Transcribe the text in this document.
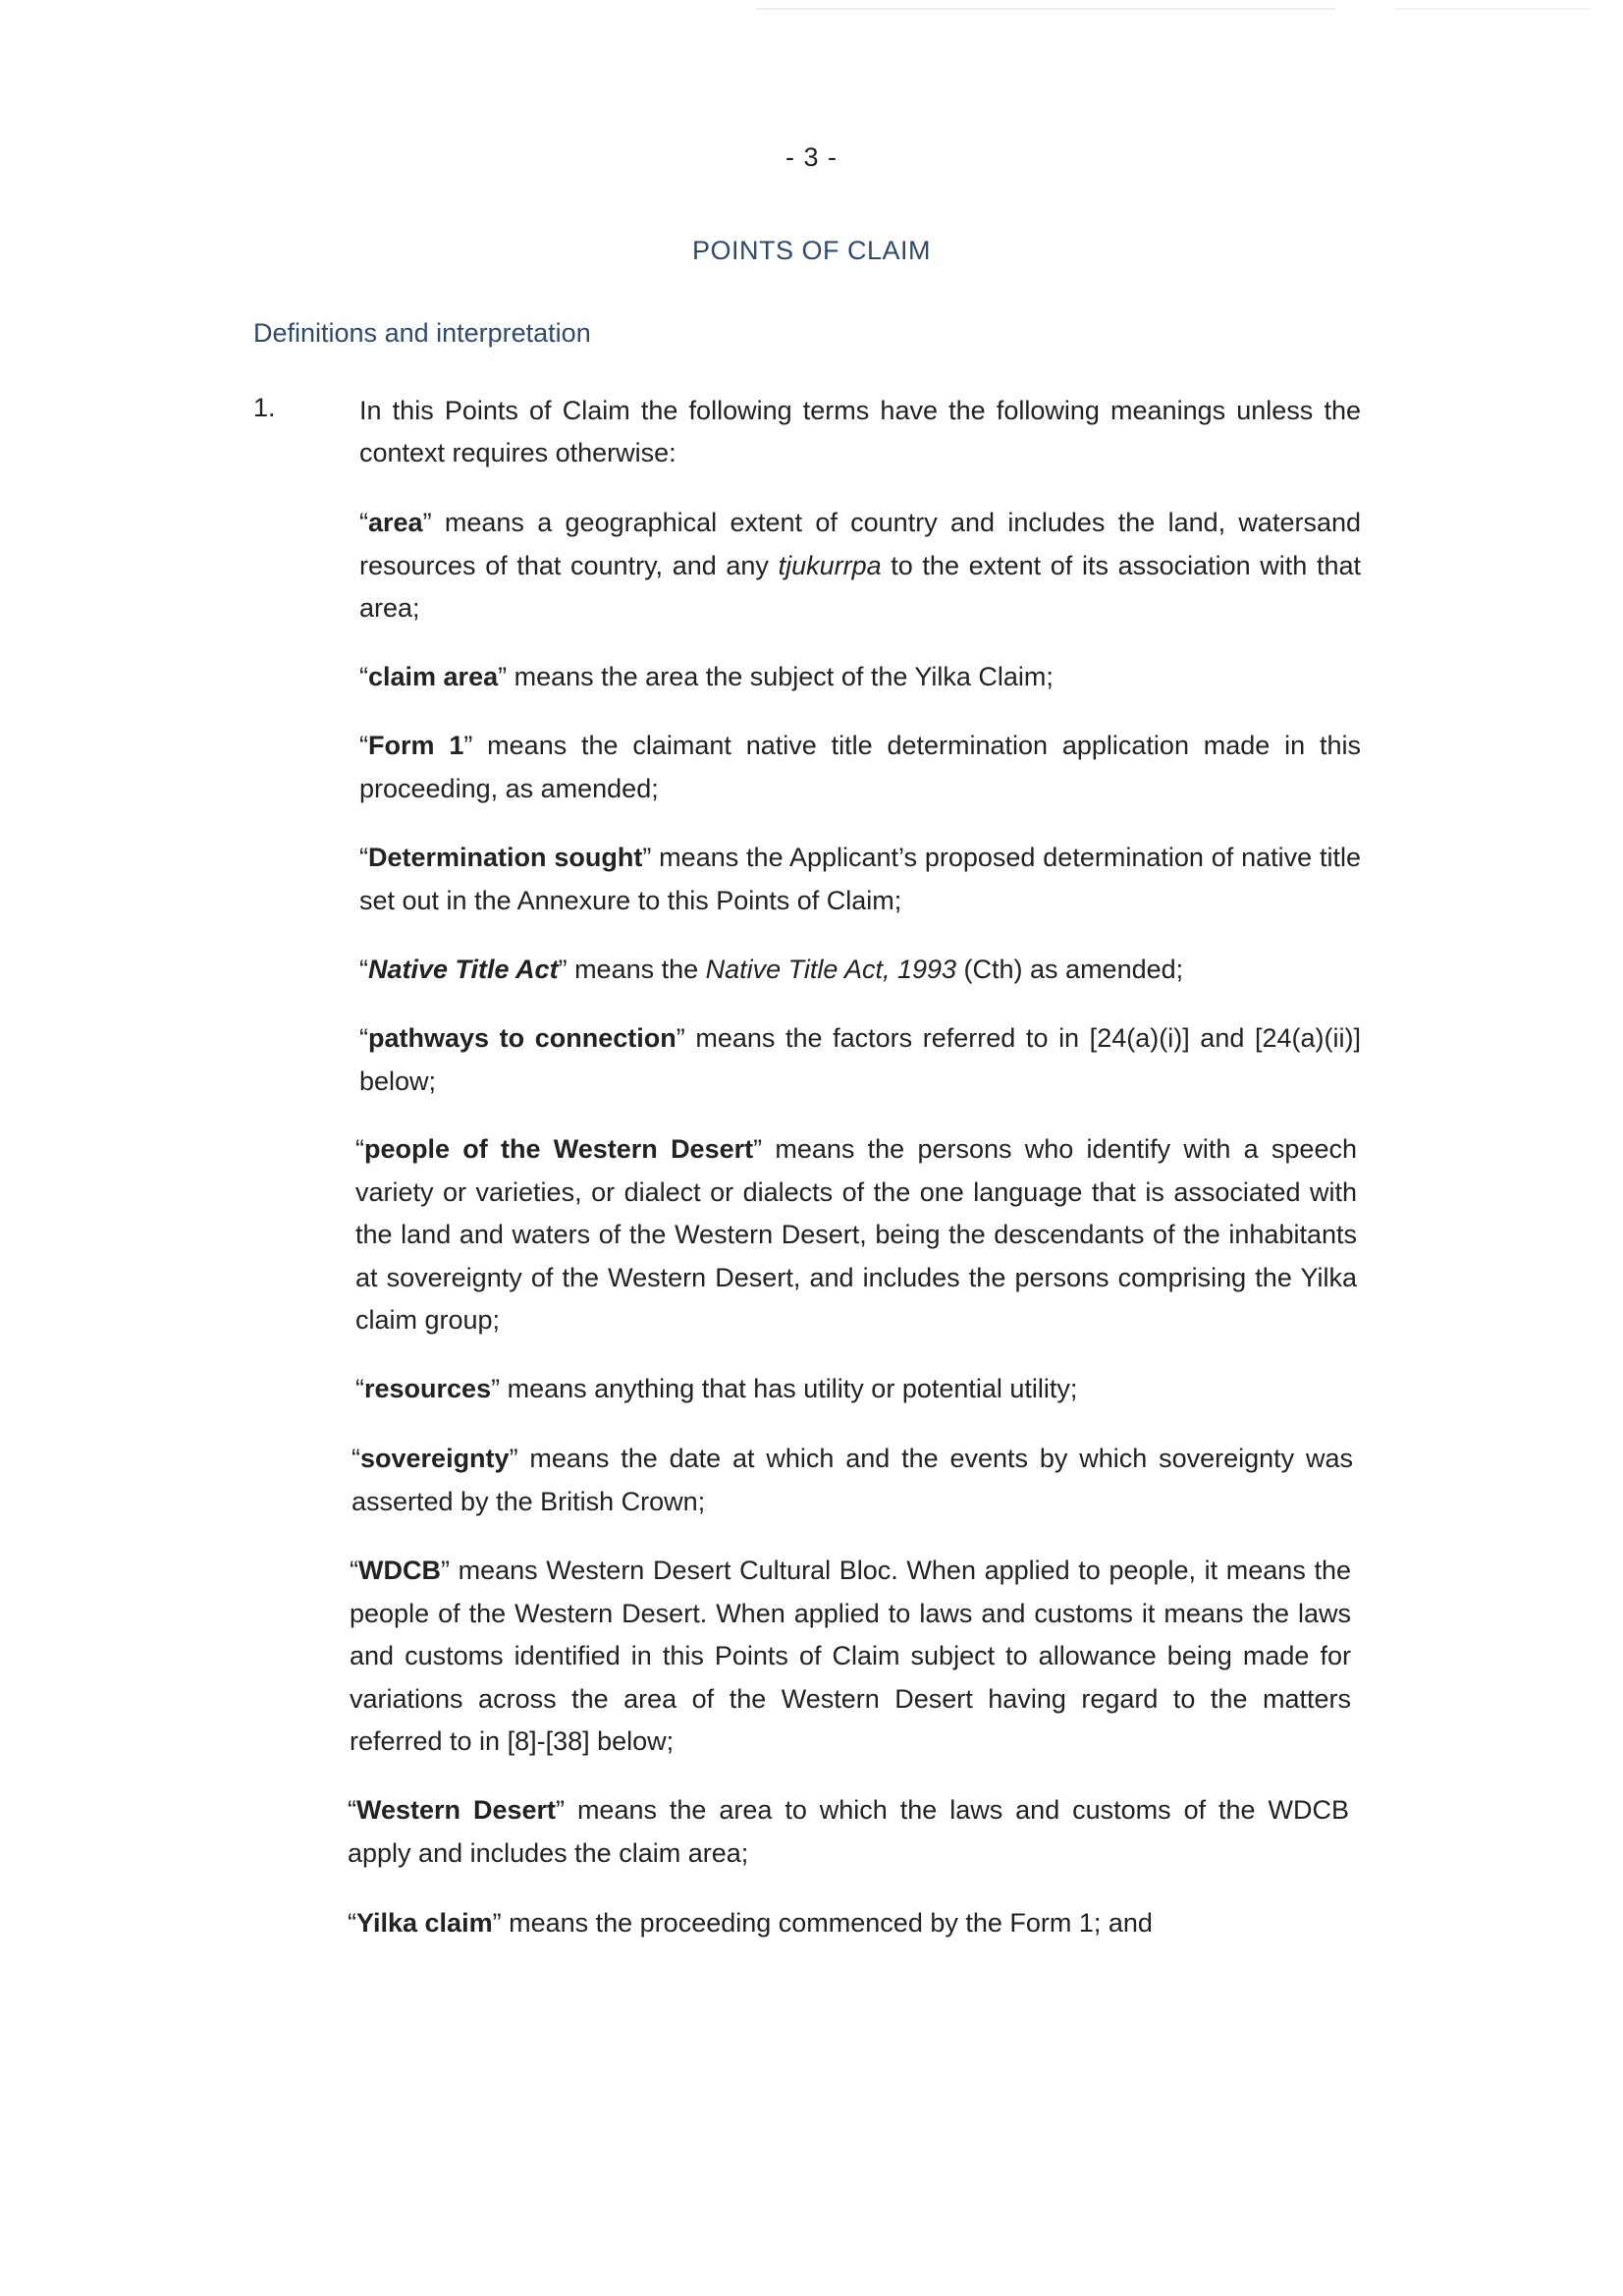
- 3 -
POINTS OF CLAIM
Definitions and interpretation
1.	In this Points of Claim the following terms have the following meanings unless the context requires otherwise:
“area” means a geographical extent of country and includes the land, watersand resources of that country, and any tjukurrpa to the extent of its association with that area;
“claim area” means the area the subject of the Yilka Claim;
“Form 1” means the claimant native title determination application made in this proceeding, as amended;
“Determination sought” means the Applicant’s proposed determination of native title set out in the Annexure to this Points of Claim;
“Native Title Act” means the Native Title Act, 1993 (Cth) as amended;
“pathways to connection” means the factors referred to in [24(a)(i)] and [24(a)(ii)] below;
“people of the Western Desert” means the persons who identify with a speech variety or varieties, or dialect or dialects of the one language that is associated with the land and waters of the Western Desert, being the descendants of the inhabitants at sovereignty of the Western Desert, and includes the persons comprising the Yilka claim group;
“resources” means anything that has utility or potential utility;
“sovereignty” means the date at which and the events by which sovereignty was asserted by the British Crown;
“WDCB” means Western Desert Cultural Bloc. When applied to people, it means the people of the Western Desert. When applied to laws and customs it means the laws and customs identified in this Points of Claim subject to allowance being made for variations across the area of the Western Desert having regard to the matters referred to in [8]-[38] below;
“Western Desert” means the area to which the laws and customs of the WDCB apply and includes the claim area;
“Yilka claim” means the proceeding commenced by the Form 1; and
